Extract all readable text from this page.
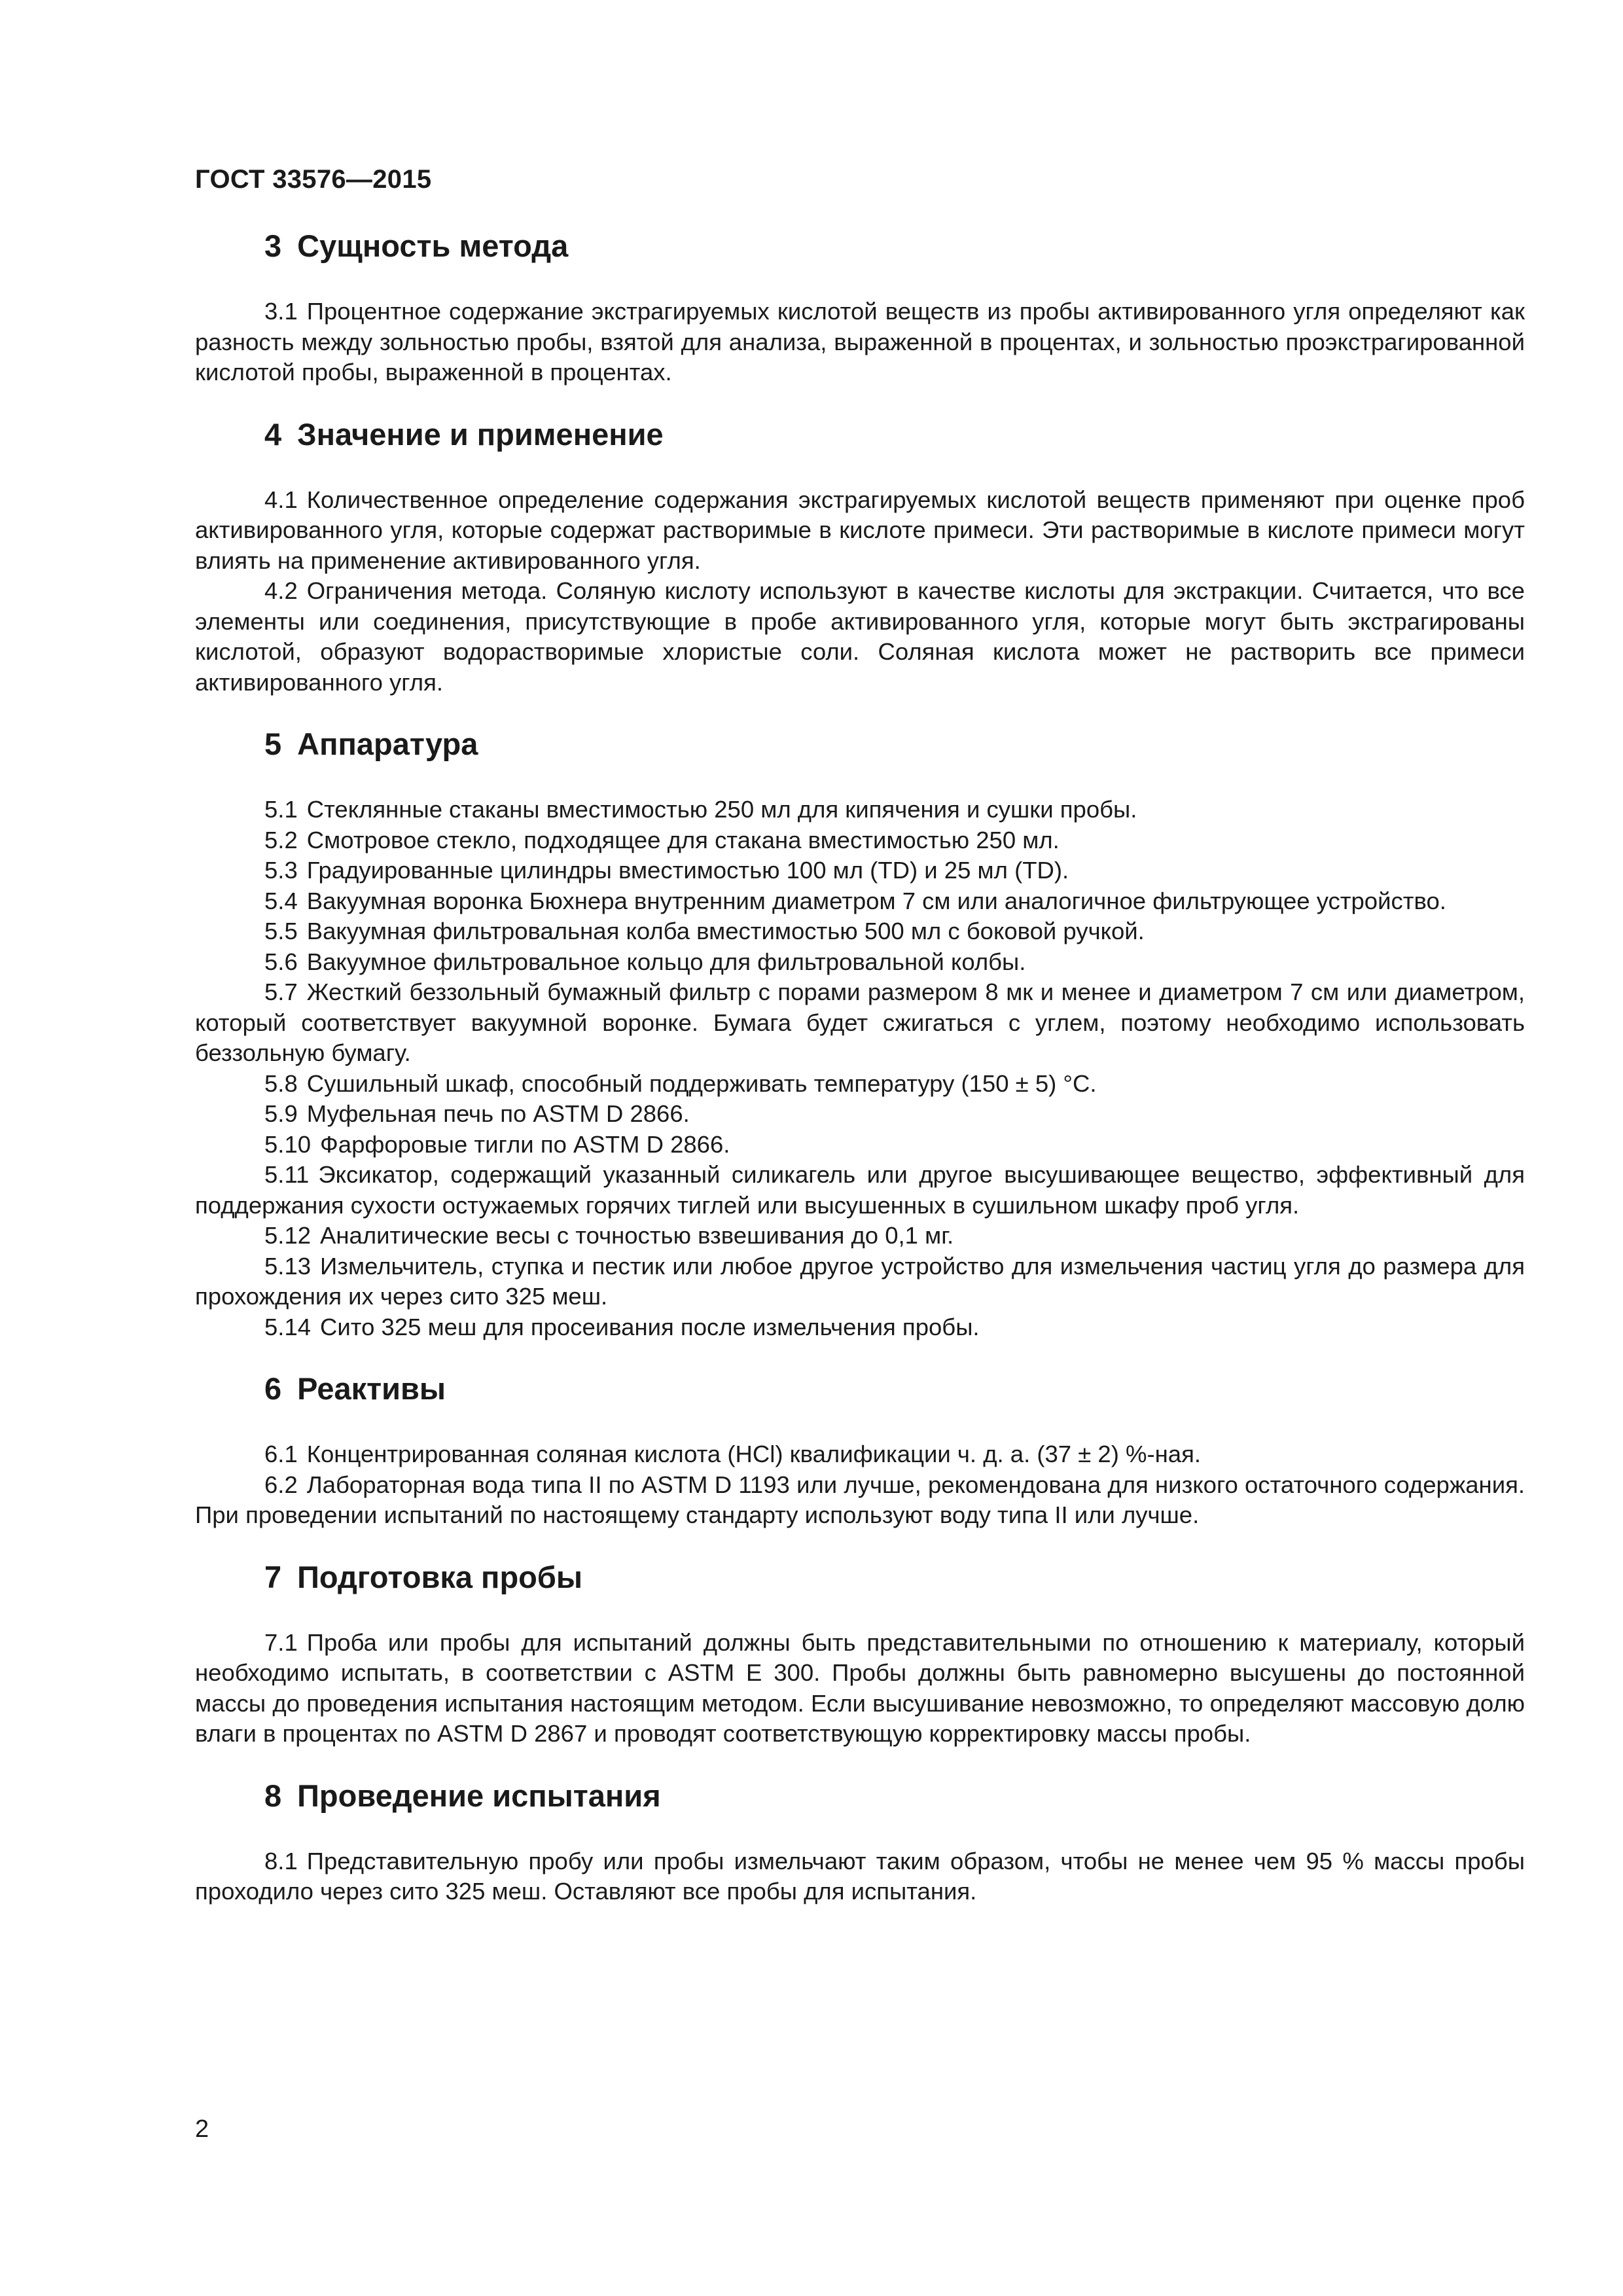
ГОСТ 33576—2015
3 Сущность метода

3.1 Процентное содержание экстрагируемых кислотой веществ из пробы активированного угля определяют как разность между зольностью пробы, взятой для анализа, выраженной в процентах, и зольностью проэкстрагированной кислотой пробы, выраженной в процентах.

4 Значение и применение

4.1 Количественное определение содержания экстрагируемых кислотой веществ применяют при оценке проб активированного угля, которые содержат растворимые в кислоте примеси. Эти растворимые в кислоте примеси могут влиять на применение активированного угля.

4.2 Ограничения метода. Соляную кислоту используют в качестве кислоты для экстракции. Считается, что все элементы или соединения, присутствующие в пробе активированного угля, которые могут быть экстрагированы кислотой, образуют водорастворимые хлористые соли. Соляная кислота может не растворить все примеси активированного угля.

5 Аппаратура

5.1 Стеклянные стаканы вместимостью 250 мл для кипячения и сушки пробы.

5.2 Смотровое стекло, подходящее для стакана вместимостью 250 мл.

5.3 Градуированные цилиндры вместимостью 100 мл (TD) и 25 мл (TD).

5.4 Вакуумная воронка Бюхнера внутренним диаметром 7 см или аналогичное фильтрующее устройство.

5.5 Вакуумная фильтровальная колба вместимостью 500 мл с боковой ручкой.

5.6 Вакуумное фильтровальное кольцо для фильтровальной колбы.

5.7 Жесткий беззольный бумажный фильтр с порами размером 8 мк и менее и диаметром 7 см или диаметром, который соответствует вакуумной воронке. Бумага будет сжигаться с углем, поэтому необходимо использовать беззольную бумагу.

5.8 Сушильный шкаф, способный поддерживать температуру (150 ± 5) °С.

5.9 Муфельная печь по ASTM D 2866.

5.10 Фарфоровые тигли по ASTM D 2866.

5.11 Эксикатор, содержащий указанный силикагель или другое высушивающее вещество, эффективный для поддержания сухости остужаемых горячих тиглей или высушенных в сушильном шкафу проб угля.

5.12 Аналитические весы с точностью взвешивания до 0,1 мг.

5.13 Измельчитель, ступка и пестик или любое другое устройство для измельчения частиц угля до размера для прохождения их через сито 325 меш.

5.14 Сито 325 меш для просеивания после измельчения пробы.

6 Реактивы

6.1 Концентрированная соляная кислота (HCl) квалификации ч. д. а. (37 ± 2) %-ная.

6.2 Лабораторная вода типа II по ASTM D 1193 или лучше, рекомендована для низкого остаточного содержания. При проведении испытаний по настоящему стандарту используют воду типа II или лучше.

7 Подготовка пробы

7.1 Проба или пробы для испытаний должны быть представительными по отношению к материалу, который необходимо испытать, в соответствии с ASTM E 300. Пробы должны быть равномерно высушены до постоянной массы до проведения испытания настоящим методом. Если высушивание невозможно, то определяют массовую долю влаги в процентах по ASTM D 2867 и проводят соответствующую корректировку массы пробы.

8 Проведение испытания

8.1 Представительную пробу или пробы измельчают таким образом, чтобы не менее чем 95 % массы пробы проходило через сито 325 меш. Оставляют все пробы для испытания.

2
